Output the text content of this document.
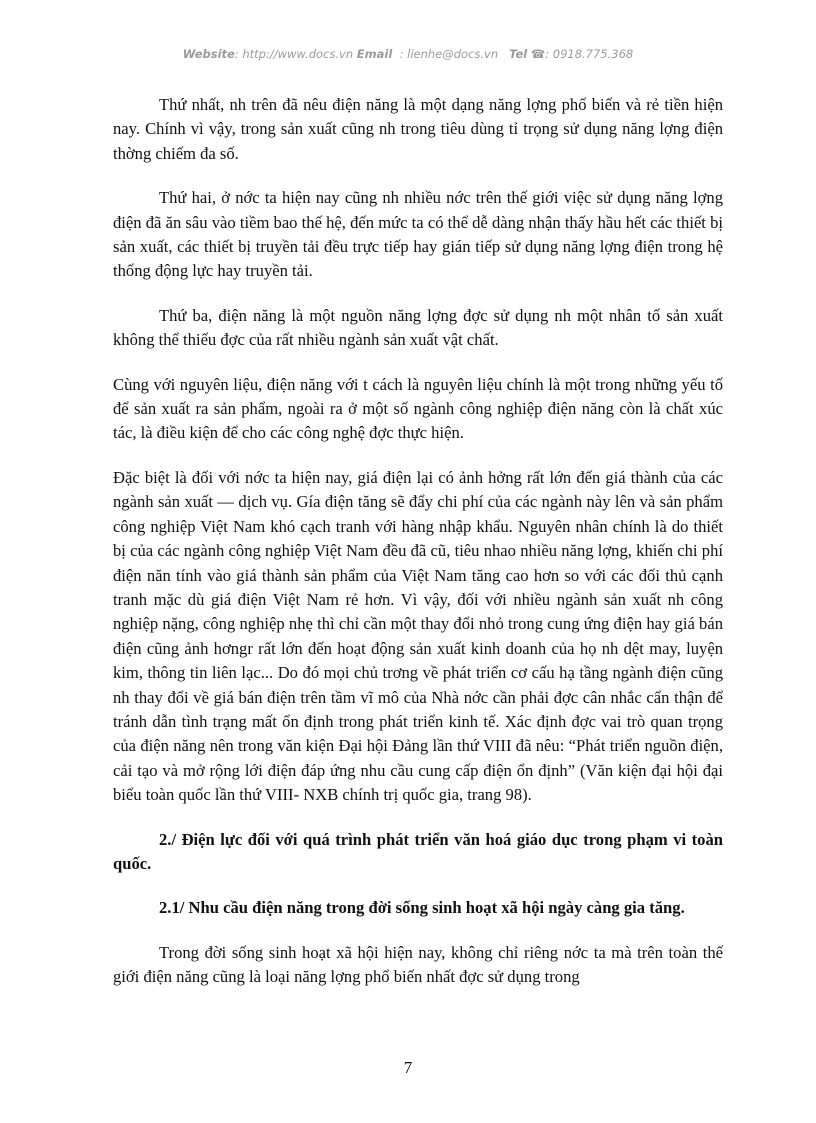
Website: http://www.docs.vn Email : lienhe@docs.vn Tel ☎: 0918.775.368

Thứ nhất, nh trên đã nêu điện năng là một dạng năng lợng phổ biến và rẻ tiền hiện nay. Chính vì vậy, trong sản xuất cũng nh trong tiêu dùng tỉ trọng sử dụng năng lợng điện thờng chiếm đa số.

Thứ hai, ở nớc ta hiện nay cũng nh nhiều nớc trên thế giới việc sử dụng năng lợng điện đã ăn sâu vào tiềm bao thế hệ, đến mức ta có thể dễ dàng nhận thấy hầu hết các thiết bị sản xuất, các thiết bị truyền tải đều trực tiếp hay gián tiếp sử dụng năng lợng điện trong hệ thống động lực hay truyền tải.

Thứ ba, điện năng là một nguồn năng lợng đợc sử dụng nh một nhân tố sản xuất không thể thiếu đợc của rất nhiều ngành sản xuất vật chất.

Cùng với nguyên liệu, điện năng với t cách là nguyên liệu chính là một trong những yếu tố để sản xuất ra sản phẩm, ngoài ra ở một số ngành công nghiệp điện năng còn là chất xúc tác, là điều kiện để cho các công nghệ đợc thực hiện.

Đặc biệt là đối với nớc ta hiện nay, giá điện lại có ảnh hởng rất lớn đến giá thành của các ngành sản xuất — dịch vụ. Gía điện tăng sẽ đẩy chi phí của các ngành này lên và sản phẩm công nghiệp Việt Nam khó cạch tranh với hàng nhập khẩu. Nguyên nhân chính là do thiết bị của các ngành công nghiệp Việt Nam đều đã cũ, tiêu nhao nhiều năng lợng, khiến chi phí điện năn tính vào giá thành sản phẩm của Việt Nam tăng cao hơn so với các đối thủ cạnh tranh mặc dù giá điện Việt Nam rẻ hơn. Vì vậy, đối với nhiều ngành sản xuất nh công nghiệp nặng, công nghiệp nhẹ thì chỉ cần một thay đổi nhỏ trong cung ứng điện hay giá bán điện cũng ảnh hơngr rất lớn đến hoạt động sản xuất kinh doanh của họ nh dệt may, luyện kim, thông tin liên lạc... Do đó mọi chủ trơng về phát triển cơ cấu hạ tầng ngành điện cũng nh thay đổi về giá bán điện trên tầm vĩ mô của Nhà nớc cần phải đợc cân nhắc cẩn thận để tránh dẫn tình trạng mất ổn định trong phát triển kinh tế. Xác định đợc vai trò quan trọng của điện năng nên trong văn kiện Đại hội Đảng lần thứ VIII đã nêu: “Phát triển nguồn điện, cải tạo và mở rộng lới điện đáp ứng nhu cầu cung cấp điện ổn định” (Văn kiện đại hội đại biểu toàn quốc lần thứ VIII- NXB chính trị quốc gia, trang 98).

2./ Điện lực đối với quá trình phát triển văn hoá giáo dục trong phạm vi toàn quốc.

2.1/ Nhu cầu điện năng trong đời sống sinh hoạt xã hội ngày càng gia tăng.

Trong đời sống sinh hoạt xã hội hiện nay, không chỉ riêng nớc ta mà trên toàn thế giới điện năng cũng là loại năng lợng phổ biến nhất đợc sử dụng trong

7
